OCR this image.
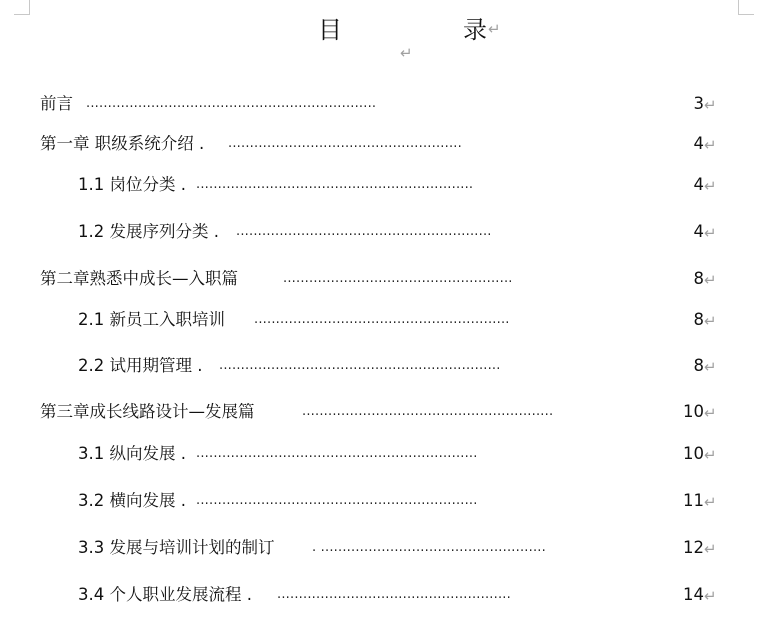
目	录 ↵
↵
前言 ...................................................................	3 ↵
第一章 职级系统介绍 . ......................................................	4 ↵
1.1 岗位分类 . ................................................................	4 ↵
1.2 发展序列分类 . ...........................................................	4 ↵
第二章熟悉中成长—入职篇	.....................................................	8 ↵
2.1 新员工入职培训 ...........................................................	8 ↵
2.2 试用期管理 . .................................................................	8 ↵
第三章成长线路设计—发展篇	..........................................................	10 ↵
3.1 纵向发展 . .................................................................	10 ↵
3.2 横向发展 . .................................................................	11 ↵
3.3 发展与培训计划的制订	. ....................................................	12 ↵
3.4 个人职业发展流程 . ......................................................	14 ↵
